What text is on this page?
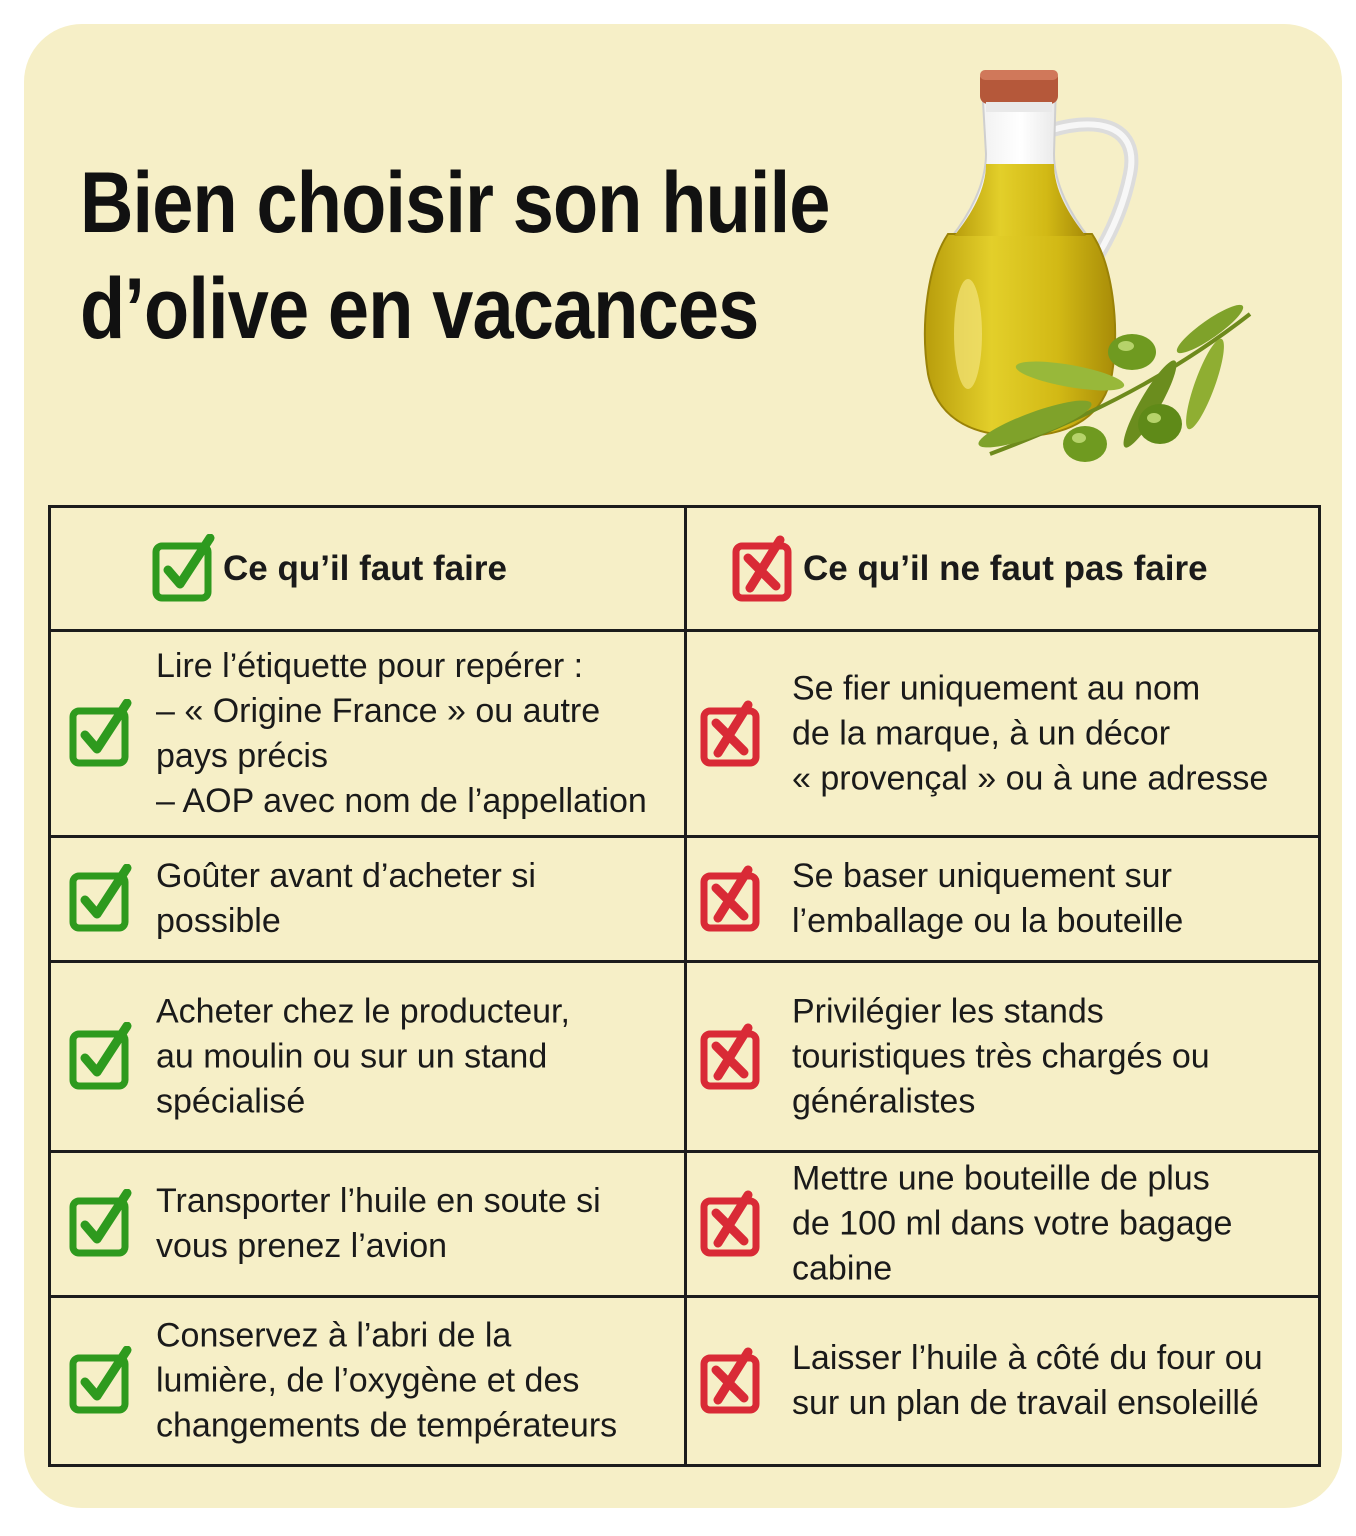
Bien choisir son huile
d’olive en vacances
Ce qu’il faut faire	Ce qu’il ne faut pas faire
Lire l’étiquette pour repérer :
– « Origine France » ou autre
pays précis
– AOP avec nom de l’appellation
Se fier uniquement au nom
de la marque, à un décor
« provençal » ou à une adresse
Goûter avant d’acheter si
possible
Se baser uniquement sur
l’emballage ou la bouteille
Acheter chez le producteur,
au moulin ou sur un stand
spécialisé
Privilégier les stands
touristiques très chargés ou
généralistes
Transporter l’huile en soute si
vous prenez l’avion
Mettre une bouteille de plus
de 100 ml dans votre bagage
cabine
Conservez à l’abri de la
lumière, de l’oxygène et des
changements de températeurs
Laisser l’huile à côté du four ou
sur un plan de travail ensoleillé
